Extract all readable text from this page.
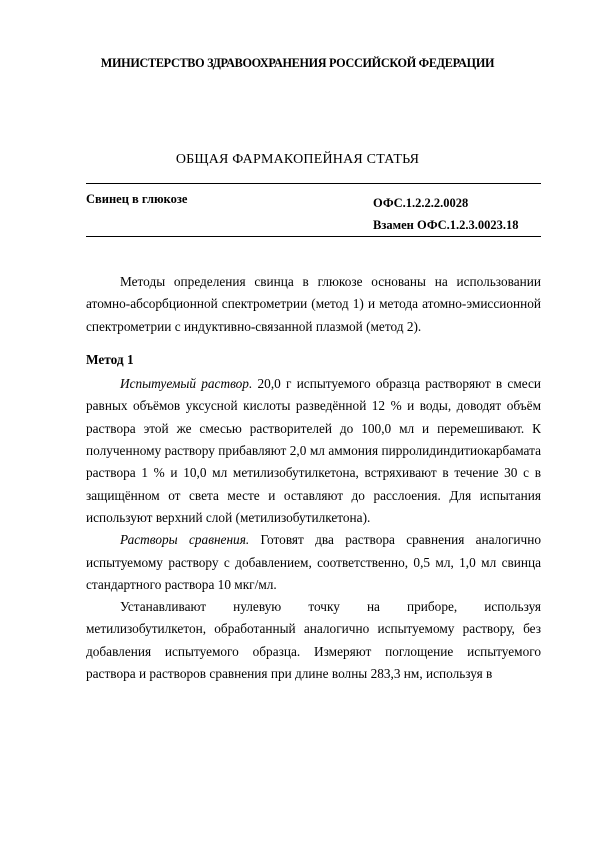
МИНИСТЕРСТВО ЗДРАВООХРАНЕНИЯ РОССИЙСКОЙ ФЕДЕРАЦИИ
ОБЩАЯ ФАРМАКОПЕЙНАЯ СТАТЬЯ
Свинец в глюкозе	ОФС.1.2.2.2.0028
Взамен ОФС.1.2.3.0023.18

Методы определения свинца в глюкозе основаны на использовании атомно-абсорбционной спектрометрии (метод 1) и метода атомно-эмиссионной спектрометрии с индуктивно-связанной плазмой (метод 2).

Метод 1

Испытуемый раствор. 20,0 г испытуемого образца растворяют в смеси равных объёмов уксусной кислоты разведённой 12 % и воды, доводят объём раствора этой же смесью растворителей до 100,0 мл и перемешивают. К полученному раствору прибавляют 2,0 мл аммония пирролидиндитиокарбамата раствора 1 % и 10,0 мл метилизобутилкетона, встряхивают в течение 30 с в защищённом от света месте и оставляют до расслоения. Для испытания используют верхний слой (метилизобутилкетона).

Растворы сравнения. Готовят два раствора сравнения аналогично испытуемому раствору с добавлением, соответственно, 0,5 мл, 1,0 мл свинца стандартного раствора 10 мкг/мл.

Устанавливают нулевую точку на приборе, используя метилизобутилкетон, обработанный аналогично испытуемому раствору, без добавления испытуемого образца. Измеряют поглощение испытуемого раствора и растворов сравнения при длине волны 283,3 нм, используя в
